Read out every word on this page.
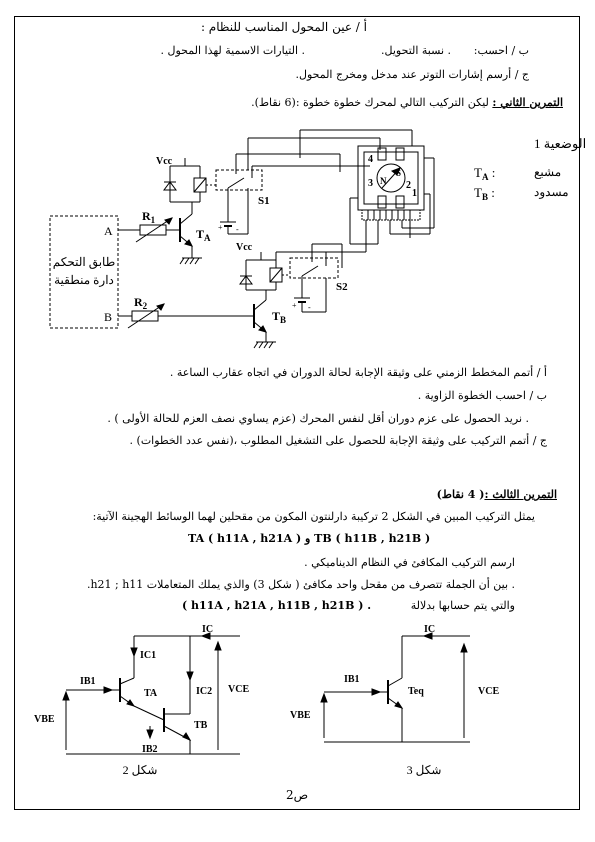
أ / عين المحول المناسب للنظام :
ب / احسب:
. نسبة التحويل.
. التيارات الاسمية لهذا المحول .
ج / أرسم إشارات التوتر عند مدخل ومخرج المحول.
التمرين الثاني : ليكن التركيب التالي لمحرك خطوة خطوة :(6 نقاط).
الوضعية 1
مشبع
مسدود
$T_A$ :
$T_B$ :
Vcc
Vcc
$R_1$
$R_2$
$T_A$
$T_B$
S1
S2
A
B
طابق التحكم
دارة منطقية
1
2
3
4
N
S
+ -
+ -
أ / أتمم المخطط الزمني على وثيقة الإجابة لحالة الدوران في اتجاه عقارب الساعة .
ب / احسب الخطوة الزاوية .
. نريد الحصول على عزم دوران أقل لنفس المحرك (عزم يساوي نصف العزم للحالة الأولى ) .
ج / أتمم التركيب على وثيقة الإجابة للحصول على التشغيل المطلوب ،(نفس عدد الخطوات) .
التمرين الثالث :( 4 نقاط)
يمثل التركيب المبين في الشكل 2 تركيبة دارلنتون المكون من مقحلين لهما الوسائط الهجينة الآتية:
TA ( h11A , h21A ) و TB ( h11B , h21B )
ارسم التركيب المكافئ في النظام الديناميكي .
. بين أن الجملة تتصرف من مقحل واحد مكافئ ( شكل 3) والذي يملك المتعاملات h21 ; h11.
والتي يتم حسابها بدلالة
( h11A , h21A , h11B , h21B ) .
IB1
IC1
IC2
IC
IB2
VBE
VCE
TA
TB
شكل 2
IB1
IC
VBE
VCE
Teq
شكل 3
ص2
